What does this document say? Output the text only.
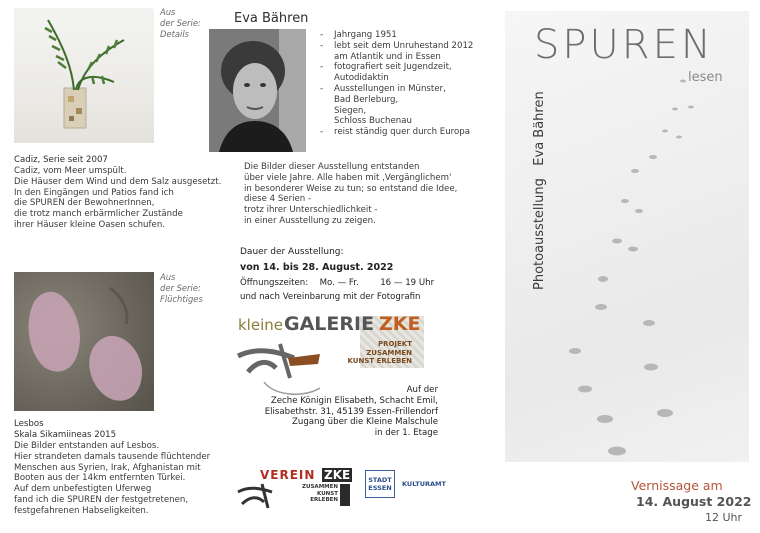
Aus
der Serie:
Details
Cadiz, Serie seit 2007
Cadiz, vom Meer umspült.
Die Häuser dem Wind und dem Salz ausgesetzt.
In den Eingängen und Patios fand ich
die SPUREN der BewohnerInnen,
die trotz manch erbärmlicher Zustände
ihrer Häuser kleine Oasen schufen.
Aus
der Serie:
Flüchtiges
Lesbos
Skala Sikamiineas 2015
Die Bilder entstanden auf Lesbos.
Hier strandeten damals tausende flüchtender
Menschen aus Syrien, Irak, Afghanistan mit
Booten aus der 14km entfernten Türkei.
Auf dem unbefestigten Uferweg
fand ich die SPUREN der festgetretenen,
festgefahrenen Habseligkeiten.
Eva Bähren
- Jahrgang 1951
- lebt seit dem Unruhestand 2012
am Atlantik und in Essen
- fotografiert seit Jugendzeit,
Autodidaktin
- Ausstellungen in Münster,
Bad Berleburg,
Siegen,
Schloss Buchenau
- reist ständig quer durch Europa
Die Bilder dieser Ausstellung entstanden
über viele Jahre. Alle haben mit ‚Vergänglichem‘
in besonderer Weise zu tun; so entstand die Idee,
diese 4 Serien -
trotz ihrer Unterschiedlichkeit -
in einer Ausstellung zu zeigen.
Dauer der Ausstellung:
von 14. bis 28. August. 2022
Öffnungszeiten: Mo. — Fr. 16 — 19 Uhr
und nach Vereinbarung mit der Fotografin
kleine GALERIE ZKE
PROJEKT
ZUSAMMEN
KUNST ERLEBEN
Auf der
Zeche Königin Elisabeth, Schacht Emil,
Elisabethstr. 31, 45139 Essen-Frillendorf
Zugang über die Kleine Malschule
in der 1. Etage
VEREIN ZKE
ZUSAMMEN
KUNST
ERLEBEN
STADT
ESSEN	KULTURAMT
SPUREN
lesen
Photoausstellung   Eva Bähren
Vernissage am
14. August 2022
12 Uhr
